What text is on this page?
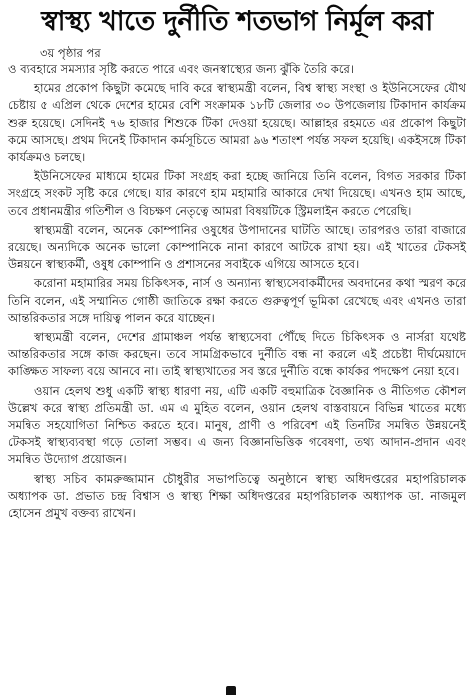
স্বাস্থ্য খাতে দুর্নীতি শতভাগ নির্মূল করা
৩য় পৃষ্ঠার পর

ও ব্যবহারে সমস্যার সৃষ্টি করতে পারে এবং জনস্বাস্থ্যের জন্য ঝুঁকি তৈরি করে।

হামের প্রকোপ কিছুটা কমেছে দাবি করে স্বাস্থ্যমন্ত্রী বলেন, বিশ্ব স্বাস্থ্য সংস্থা ও ইউনিসেফের যৌথ চেষ্টায় ৫ এপ্রিল থেকে দেশের হামের বেশি সংক্রামক ১৮টি জেলার ৩০ উপজেলায় টিকাদান কার্যক্রম শুরু হয়েছে। সেদিনই ৭৬ হাজার শিশুকে টিকা দেওয়া হয়েছে। আল্লাহর রহমতে এর প্রকোপ কিছুটা কমে আসছে। প্রথম দিনেই টিকাদান কর্মসূচিতে আমরা ৯৬ শতাংশ পর্যন্ত সফল হয়েছি। একইসঙ্গে টিকা কার্যক্রমও চলছে।

ইউনিসেফের মাধ্যমে হামের টিকা সংগ্রহ করা হচ্ছে জানিয়ে তিনি বলেন, বিগত সরকার টিকা সংগ্রহে সংকট সৃষ্টি করে গেছে। যার কারণে হাম মহামারি আকারে দেখা দিয়েছে। এখনও হাম আছে, তবে প্রধানমন্ত্রীর গতিশীল ও বিচক্ষণ নেতৃত্বে আমরা বিষয়টিকে স্ট্রিমলাইন করতে পেরেছি।

স্বাস্থ্যমন্ত্রী বলেন, অনেক কোম্পানির ওষুধের উপাদানের ঘাটতি আছে। তারপরও তারা বাজারে রয়েছে। অন্যদিকে অনেক ভালো কোম্পানিকে নানা কারণে আটকে রাখা হয়। এই খাতের টেকসই উন্নয়নে স্বাস্থ্যকর্মী, ওষুধ কোম্পানি ও প্রশাসনের সবাইকে এগিয়ে আসতে হবে।

করোনা মহামারির সময় চিকিৎসক, নার্স ও অন্যান্য স্বাস্থ্যসেবাকর্মীদের অবদানের কথা স্মরণ করে তিনি বলেন, এই সম্মানিত গোষ্ঠী জাতিকে রক্ষা করতে গুরুত্বপূর্ণ ভূমিকা রেখেছে এবং এখনও তারা আন্তরিকতার সঙ্গে দায়িত্ব পালন করে যাচ্ছেন।

স্বাস্থ্যমন্ত্রী বলেন, দেশের গ্রামাঞ্চল পর্যন্ত স্বাস্থ্যসেবা পৌঁছে দিতে চিকিৎসক ও নার্সরা যথেষ্ট আন্তরিকতার সঙ্গে কাজ করছেন। তবে সামগ্রিকভাবে দুর্নীতি বন্ধ না করলে এই প্রচেষ্টা দীর্ঘমেয়াদে কাঙ্ক্ষিত সাফল্য বয়ে আনবে না। তাই স্বাস্থ্যখাতের সব স্তরে দুর্নীতি বন্ধে কার্যকর পদক্ষেপ নেয়া হবে।

ওয়ান হেলথ শুধু একটি স্বাস্থ্য ধারণা নয়, এটি একটি বহুমাত্রিক বৈজ্ঞানিক ও নীতিগত কৌশল উল্লেখ করে স্বাস্থ্য প্রতিমন্ত্রী ডা. এম এ মুহিত বলেন, ওয়ান হেলথ বাস্তবায়নে বিভিন্ন খাতের মধ্যে সমন্বিত সহযোগিতা নিশ্চিত করতে হবে। মানুষ, প্রাণী ও পরিবেশ এই তিনটির সমন্বিত উন্নয়নেই টেকসই স্বাস্থ্যব্যবস্থা গড়ে তোলা সম্ভব। এ জন্য বিজ্ঞানভিত্তিক গবেষণা, তথ্য আদান-প্রদান এবং সমন্বিত উদ্যোগ প্রয়োজন।

স্বাস্থ্য সচিব কামরুজ্জামান চৌধুরীর সভাপতিত্বে অনুষ্ঠানে স্বাস্থ্য অধিদপ্তরের মহাপরিচালক অধ্যাপক ডা. প্রভাত চন্দ্র বিশ্বাস ও স্বাস্থ্য শিক্ষা অধিদপ্তরের মহাপরিচালক অধ্যাপক ডা. নাজমুল হোসেন প্রমুখ বক্তব্য রাখেন।
